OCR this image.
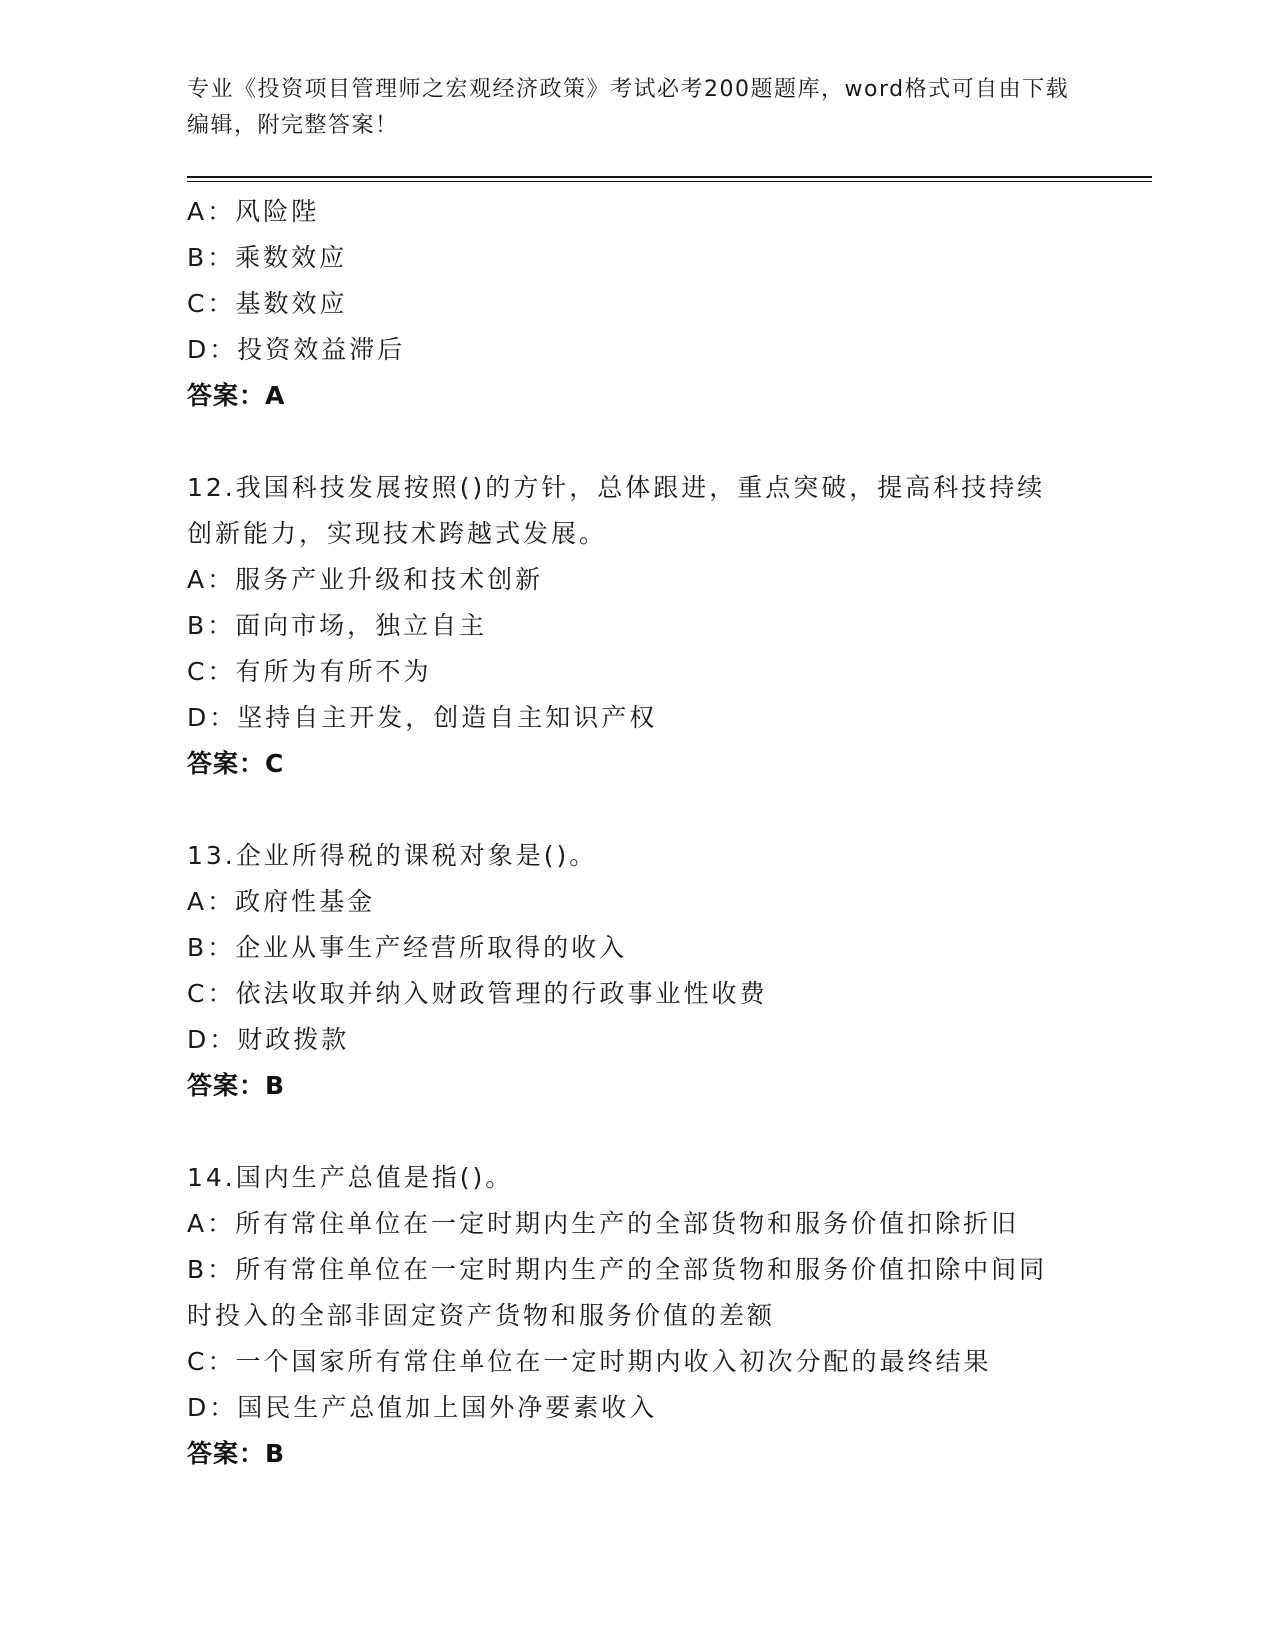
专业《投资项目管理师之宏观经济政策》考试必考200题题库，word格式可自由下载编辑，附完整答案！
A：风险陛
B：乘数效应
C：基数效应
D：投资效益滞后
答案：A
12.我国科技发展按照()的方针，总体跟进，重点突破，提高科技持续创新能力，实现技术跨越式发展。
A：服务产业升级和技术创新
B：面向市场，独立自主
C：有所为有所不为
D：坚持自主开发，创造自主知识产权
答案：C
13.企业所得税的课税对象是()。
A：政府性基金
B：企业从事生产经营所取得的收入
C：依法收取并纳入财政管理的行政事业性收费
D：财政拨款
答案：B
14.国内生产总值是指()。
A：所有常住单位在一定时期内生产的全部货物和服务价值扣除折旧
B：所有常住单位在一定时期内生产的全部货物和服务价值扣除中间同时投入的全部非固定资产货物和服务价值的差额
C：一个国家所有常住单位在一定时期内收入初次分配的最终结果
D：国民生产总值加上国外净要素收入
答案：B
